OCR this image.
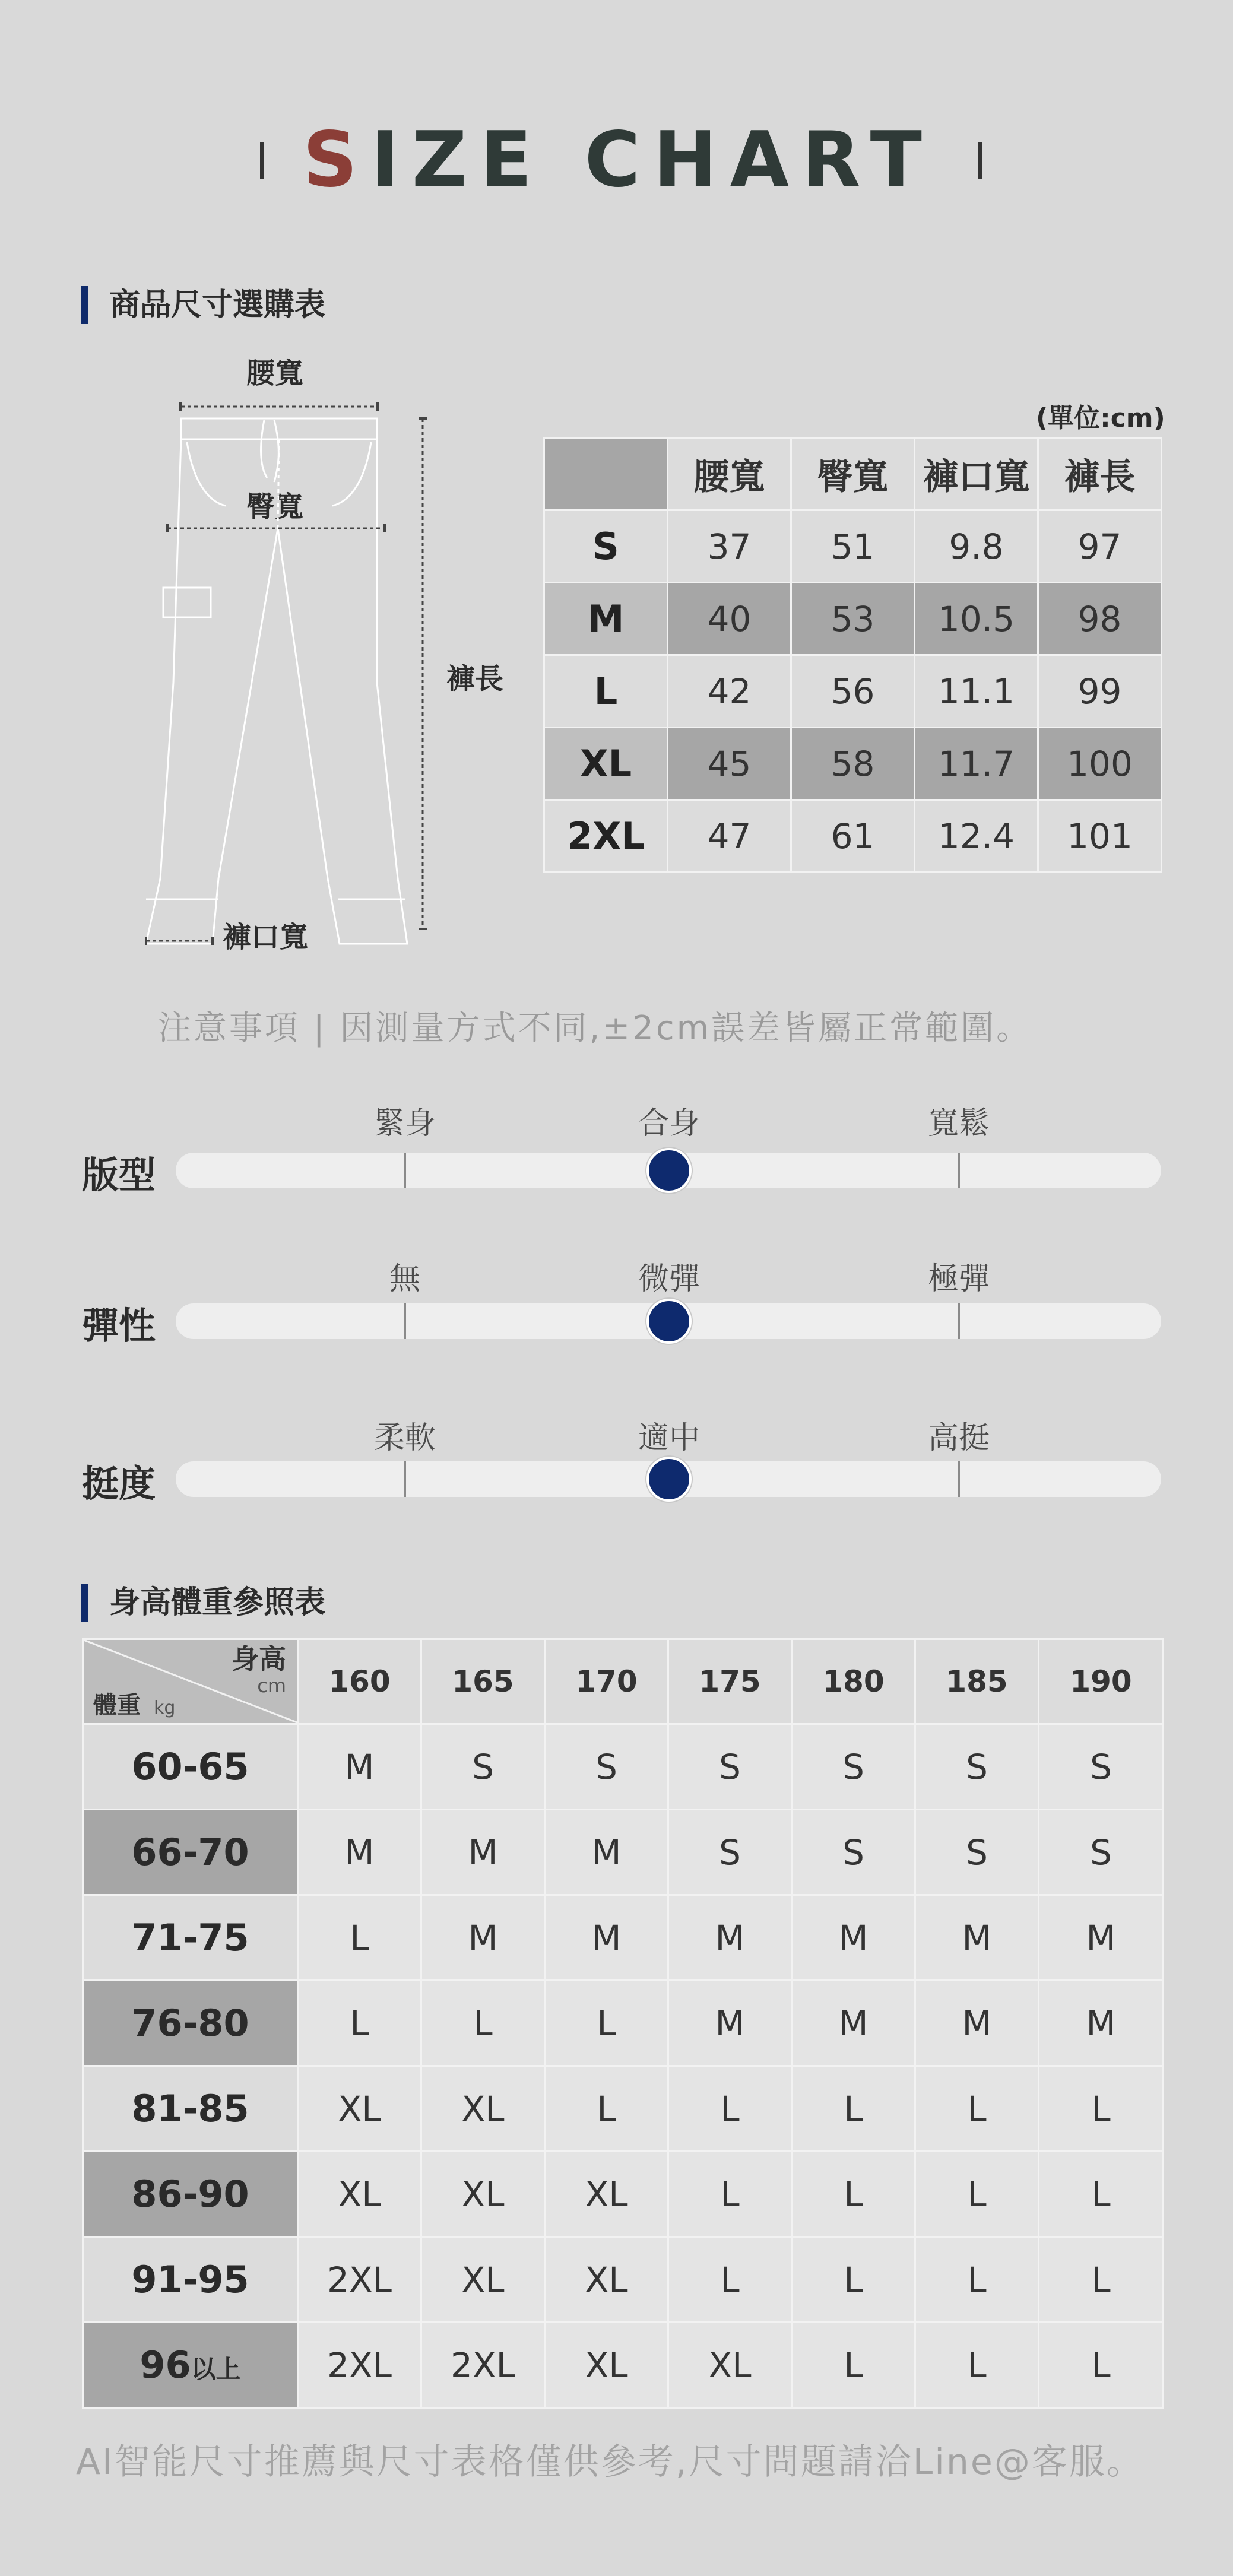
SIZE CHART
商品尺寸選購表
腰寬
臀寬
褲長
褲口寬
(單位:cm)
	腰寬	臀寬	褲口寬	褲長
S	37	51	9.8	97
M	40	53	10.5	98
L	42	56	11.1	99
XL	45	58	11.7	100
2XL	47	61	12.4	101
注意事項 | 因測量方式不同,±2cm誤差皆屬正常範圍。
緊身	合身	寬鬆
版型
無	微彈	極彈
彈性
柔軟	適中	高挺
挺度
身高體重參照表
身高
cm
體重 kg	160	165	170	175	180	185	190
60-65	M	S	S	S	S	S	S
66-70	M	M	M	S	S	S	S
71-75	L	M	M	M	M	M	M
76-80	L	L	L	M	M	M	M
81-85	XL	XL	L	L	L	L	L
86-90	XL	XL	XL	L	L	L	L
91-95	2XL	XL	XL	L	L	L	L
96以上	2XL	2XL	XL	XL	L	L	L
AI智能尺寸推薦與尺寸表格僅供參考,尺寸問題請洽Line@客服。
